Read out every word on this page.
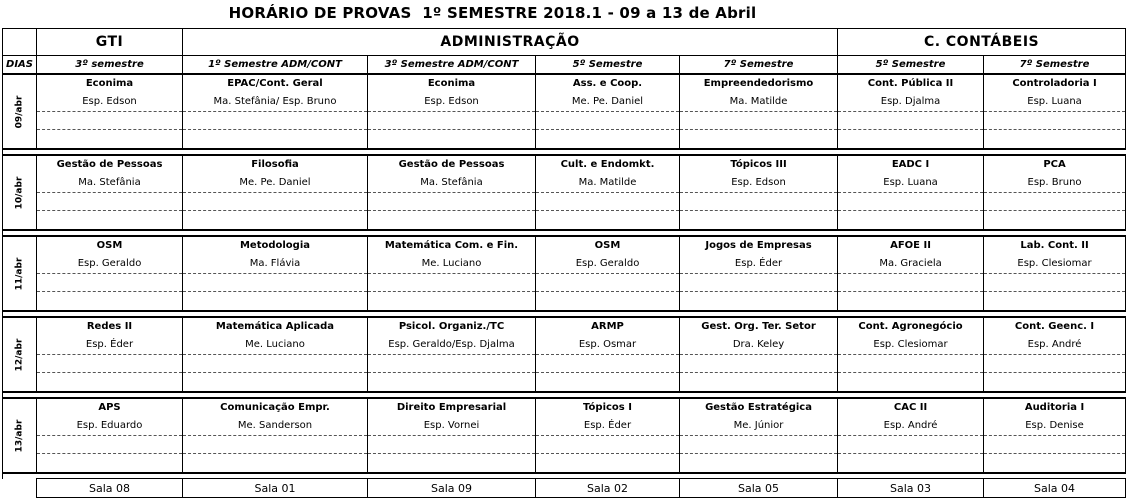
HORÁRIO DE PROVAS  1º SEMESTRE 2018.1 - 09 a 13 de Abril
	GTI	ADMINISTRAÇÃO				C. CONTÁBEIS	
DIAS	3º semestre	1º Semestre ADM/CONT	3º Semestre ADM/CONT	5º Semestre	7º Semestre	5º Semestre	7º Semestre
09/abr	Econima	EPAC/Cont. Geral	Econima	Ass. e Coop.	Empreendedorismo	Cont. Pública II	Controladoria I
	Esp. Edson	Ma. Stefânia/ Esp. Bruno	Esp. Edson	Me. Pe. Daniel	Ma. Matilde	Esp. Djalma	Esp. Luana

10/abr	Gestão de Pessoas	Filosofia	Gestão de Pessoas	Cult. e Endomkt.	Tópicos III	EADC I	PCA
	Ma. Stefânia	Me. Pe. Daniel	Ma. Stefânia	Ma. Matilde	Esp. Edson	Esp. Luana	Esp. Bruno

11/abr	OSM	Metodologia	Matemática Com. e Fin.	OSM	Jogos de Empresas	AFOE II	Lab. Cont. II
	Esp. Geraldo	Ma. Flávia	Me. Luciano	Esp. Geraldo	Esp. Éder	Ma. Graciela	Esp. Clesiomar

12/abr	Redes II	Matemática Aplicada	Psicol. Organiz./TC	ARMP	Gest. Org. Ter. Setor	Cont. Agronegócio	Cont. Geenc. I
	Esp. Éder	Me. Luciano	Esp. Geraldo/Esp. Djalma	Esp. Osmar	Dra. Keley	Esp. Clesiomar	Esp. André

13/abr	APS	Comunicação Empr.	Direito Empresarial	Tópicos I	Gestão Estratégica	CAC II	Auditoria I
	Esp. Eduardo	Me. Sanderson	Esp. Vornei	Esp. Éder	Me. Júnior	Esp. André	Esp. Denise

	Sala 08	Sala 01	Sala 09	Sala 02	Sala 05	Sala 03	Sala 04
